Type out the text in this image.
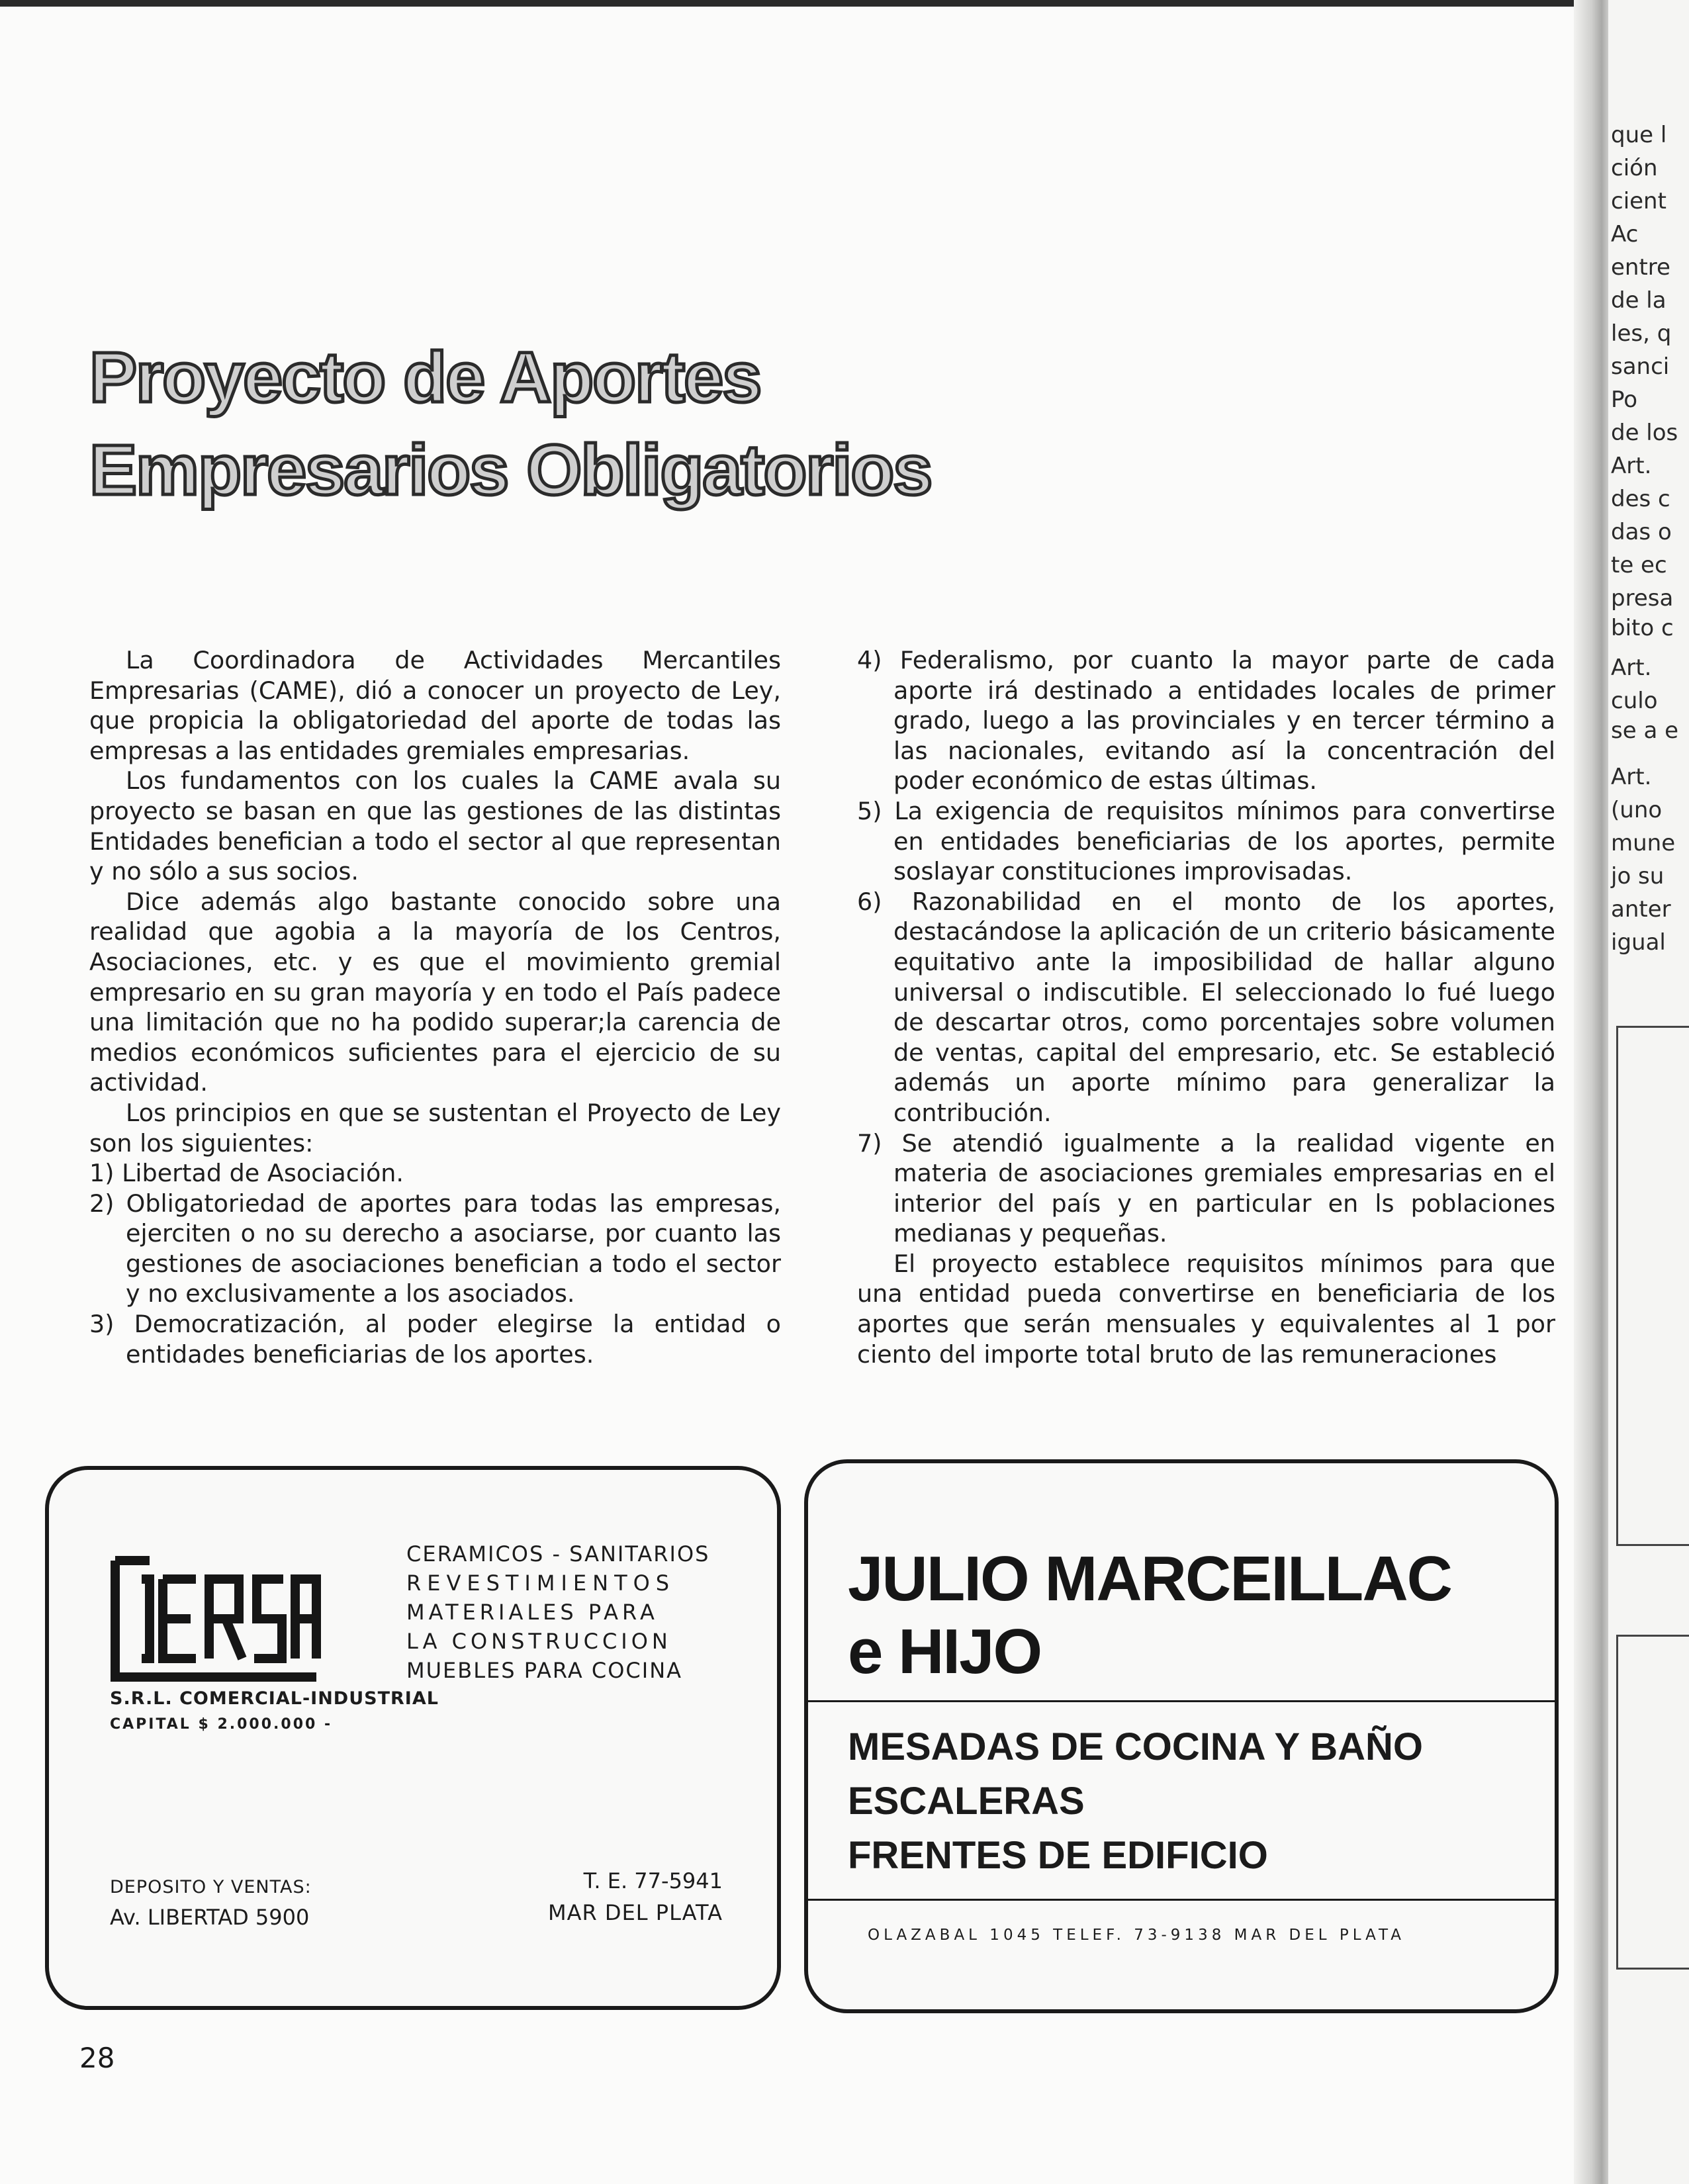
Proyecto de Aportes
Empresarios Obligatorios

La Coordinadora de Actividades Mercantiles Empresarias (CAME), dió a conocer un proyecto de Ley, que propicia la obligatoriedad del aporte de todas las empresas a las entidades gremiales empresarias.

Los fundamentos con los cuales la CAME avala su proyecto se basan en que las gestiones de las distintas Entidades benefician a todo el sector al que representan y no sólo a sus socios.

Dice además algo bastante conocido sobre una realidad que agobia a la mayoría de los Centros, Asociaciones, etc. y es que el movimiento gremial empresario en su gran mayoría y en todo el País padece una limitación que no ha podido superar;la carencia de medios económicos suficientes para el ejercicio de su actividad.

Los principios en que se sustentan el Proyecto de Ley son los siguientes:

1) Libertad de Asociación.

2) Obligatoriedad de aportes para todas las empresas, ejerciten o no su derecho a asociarse, por cuanto las gestiones de asociaciones benefician a todo el sector y no exclusivamente a los asociados.

3) Democratización, al poder elegirse la entidad o entidades beneficiarias de los aportes.

4) Federalismo, por cuanto la mayor parte de cada aporte irá destinado a entidades locales de primer grado, luego a las provinciales y en tercer término a las nacionales, evitando así la concentración del poder económico de estas últimas.

5) La exigencia de requisitos mínimos para convertirse en entidades beneficiarias de los aportes, permite soslayar constituciones improvisadas.

6) Razonabilidad en el monto de los aportes, destacándose la aplicación de un criterio básicamente equitativo ante la imposibilidad de hallar alguno universal o indiscutible. El seleccionado lo fué luego de descartar otros, como porcentajes sobre volumen de ventas, capital del empresario, etc. Se estableció además un aporte mínimo para generalizar la contribución.

7) Se atendió igualmente a la realidad vigente en materia de asociaciones gremiales empresarias en el interior del país y en particular en ls poblaciones medianas y pequeñas.

El proyecto establece requisitos mínimos para que una entidad pueda convertirse en beneficiaria de los aportes que serán mensuales y equivalentes al 1 por ciento del importe total bruto de las remuneraciones

S.R.L. COMERCIAL-INDUSTRIAL
CAPITAL $ 2.000.000 -
CERAMICOS - SANITARIOS
REVESTIMIENTOS
MATERIALES PARA
LA CONSTRUCCION
MUEBLES PARA COCINA
DEPOSITO Y VENTAS:
Av. LIBERTAD 5900
T. E. 77-5941
MAR DEL PLATA
JULIO MARCEILLAC
e HIJO
MESADAS DE COCINA Y BAÑO
ESCALERAS
FRENTES DE EDIFICIO
OLAZABAL 1045 TELEF. 73-9138 MAR DEL PLATA
28
que l
ción
cient
Ac
entre
de la
les, q
sanci
Po
de los
Art.
des c
das o
te ec
presa
bito c
Art.
culo
se a e
Art.
(uno
mune
jo su
anter
igual
